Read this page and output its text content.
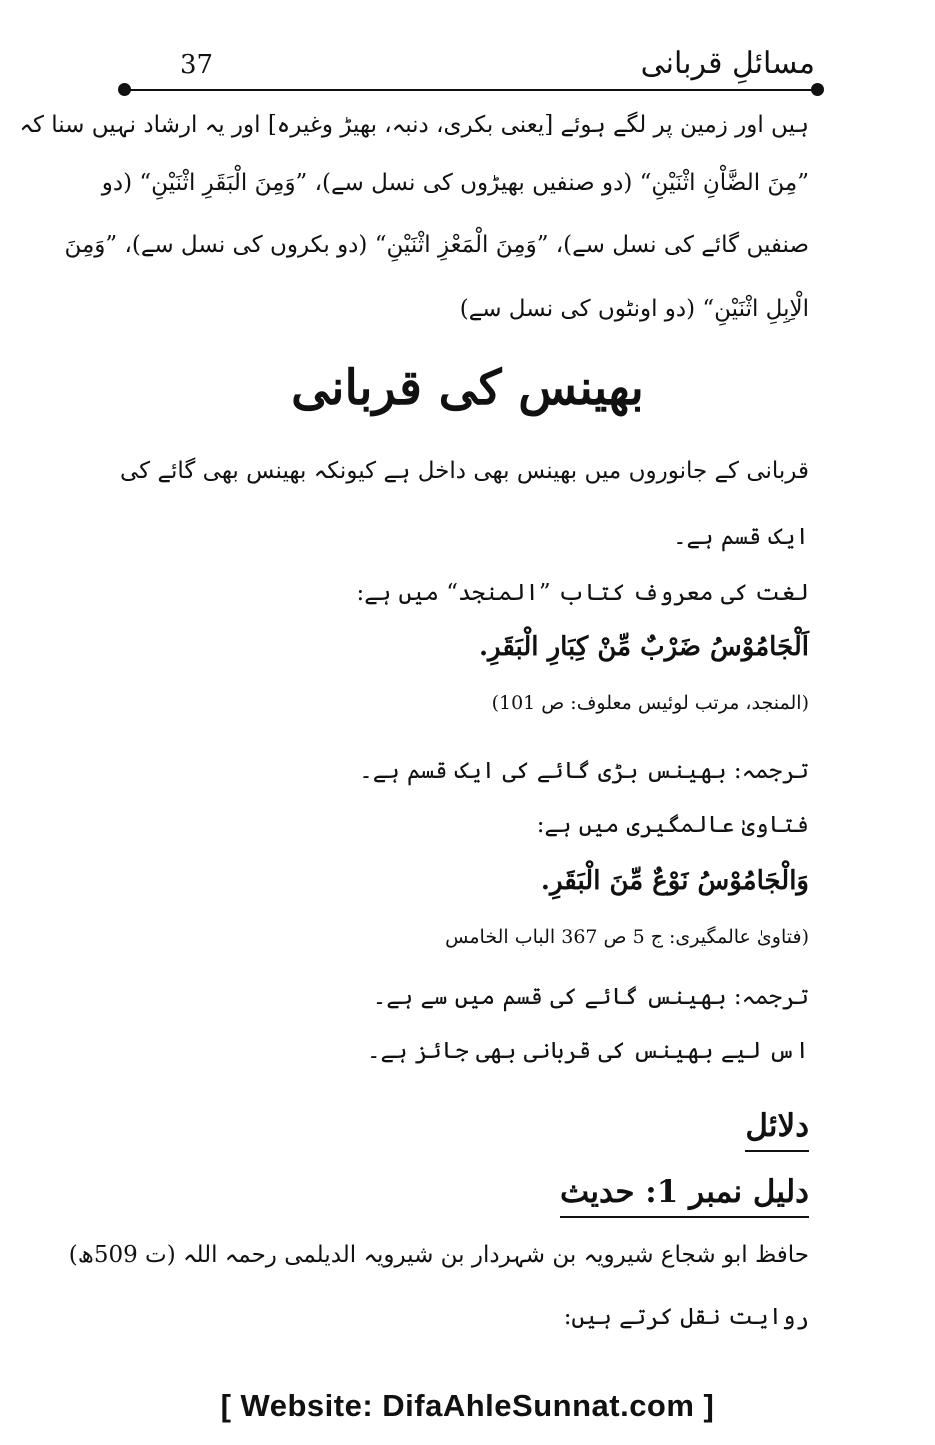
37	مسائلِ قربانی
ہیں اور زمین پر لگے ہوئے [یعنی بکری، دنبہ، بھیڑ وغیرہ] اور یہ ارشاد نہیں سنا کہ
”مِنَ الضَّاْنِ اثْنَیْنِ“ (دو صنفیں بھیڑوں کی نسل سے)، ”وَمِنَ الْبَقَرِ اثْنَیْنِ“ (دو
صنفیں گائے کی نسل سے)، ”وَمِنَ الْمَعْزِ اثْنَیْنِ“ (دو بکروں کی نسل سے)، ”وَمِنَ
الْاِبِلِ اثْنَیْنِ“ (دو اونٹوں کی نسل سے)
بھینس کی قربانی
قربانی کے جانوروں میں بھینس بھی داخل ہے کیونکہ بھینس بھی گائے کی
ایک قسم ہے۔
لغت کی معروف کتاب ”المنجد“ میں ہے:
اَلْجَامُوْسُ ضَرْبٌ مِّنْ کِبَارِ الْبَقَرِ.
(المنجد، مرتب لوئیس معلوف: ص 101)
ترجمہ: بھینس بڑی گائے کی ایک قسم ہے۔
فتاویٰ عالمگیری میں ہے:
وَالْجَامُوْسُ نَوْعٌ مِّنَ الْبَقَرِ.
(فتاویٰ عالمگیری: ج 5 ص 367 الباب الخامس
ترجمہ: بھینس گائے کی قسم میں سے ہے۔
اس لیے بھینس کی قربانی بھی جائز ہے۔
دلائل
دلیل نمبر 1: حدیث
حافظ ابو شجاع شیرویہ بن شہردار بن شیرویہ الدیلمی رحمہ اللہ (ت 509ھ)
روایت نقل کرتے ہیں:
[ Website: DifaAhleSunnat.com ]
